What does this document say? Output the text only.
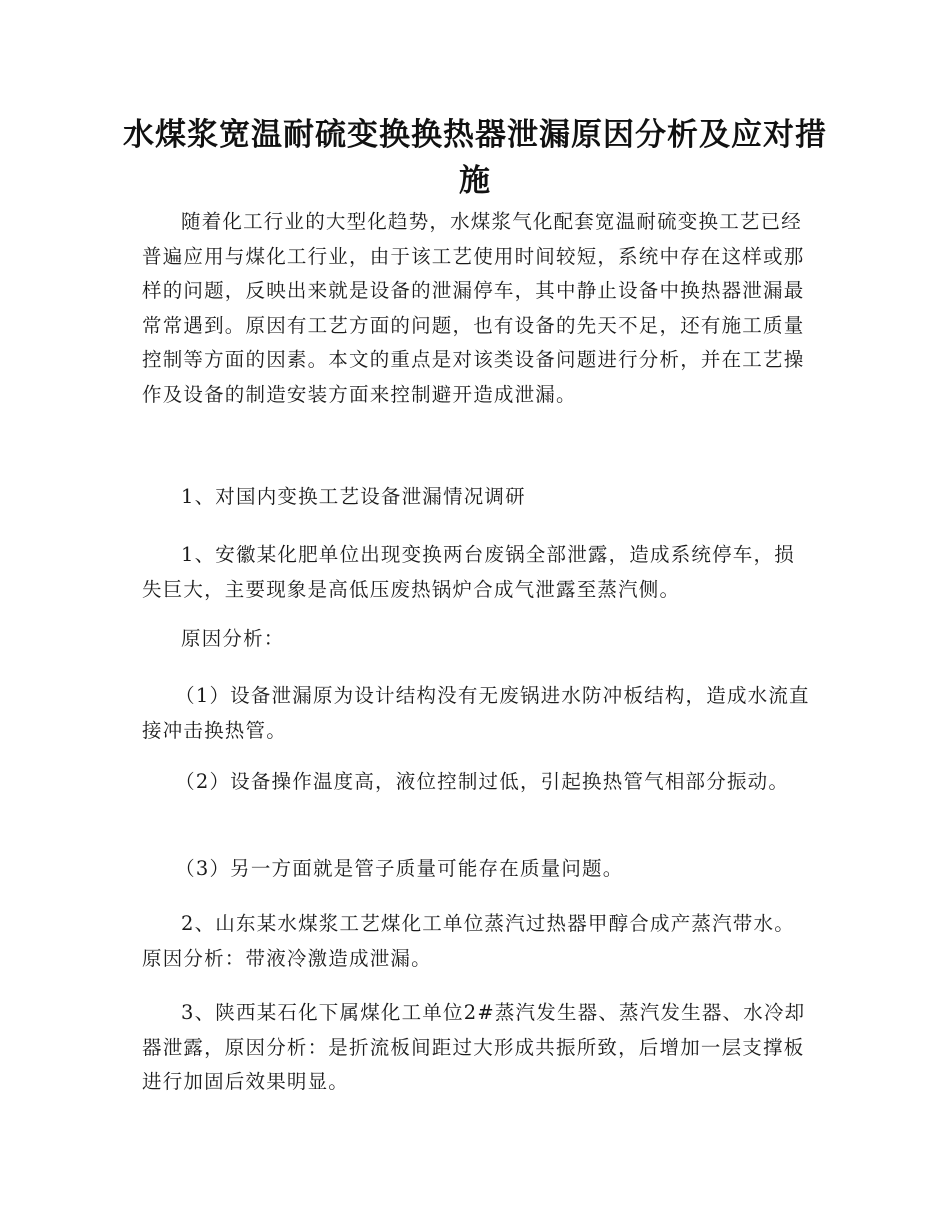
水煤浆宽温耐硫变换换热器泄漏原因分析及应对措施

随着化工行业的大型化趋势，水煤浆气化配套宽温耐硫变换工艺已经普遍应用与煤化工行业，由于该工艺使用时间较短，系统中存在这样或那样的问题，反映出来就是设备的泄漏停车，其中静止设备中换热器泄漏最常常遇到。原因有工艺方面的问题，也有设备的先天不足，还有施工质量控制等方面的因素。本文的重点是对该类设备问题进行分析，并在工艺操作及设备的制造安装方面来控制避开造成泄漏。

1、对国内变换工艺设备泄漏情况调研

1、安徽某化肥单位出现变换两台废锅全部泄露，造成系统停车，损失巨大，主要现象是高低压废热锅炉合成气泄露至蒸汽侧。

原因分析：

（1）设备泄漏原为设计结构没有无废锅进水防冲板结构，造成水流直接冲击换热管。

（2）设备操作温度高，液位控制过低，引起换热管气相部分振动。

（3）另一方面就是管子质量可能存在质量问题。

2、山东某水煤浆工艺煤化工单位蒸汽过热器甲醇合成产蒸汽带水。原因分析：带液冷激造成泄漏。

3、陕西某石化下属煤化工单位2#蒸汽发生器、蒸汽发生器、水冷却器泄露，原因分析：是折流板间距过大形成共振所致，后增加一层支撑板进行加固后效果明显。
